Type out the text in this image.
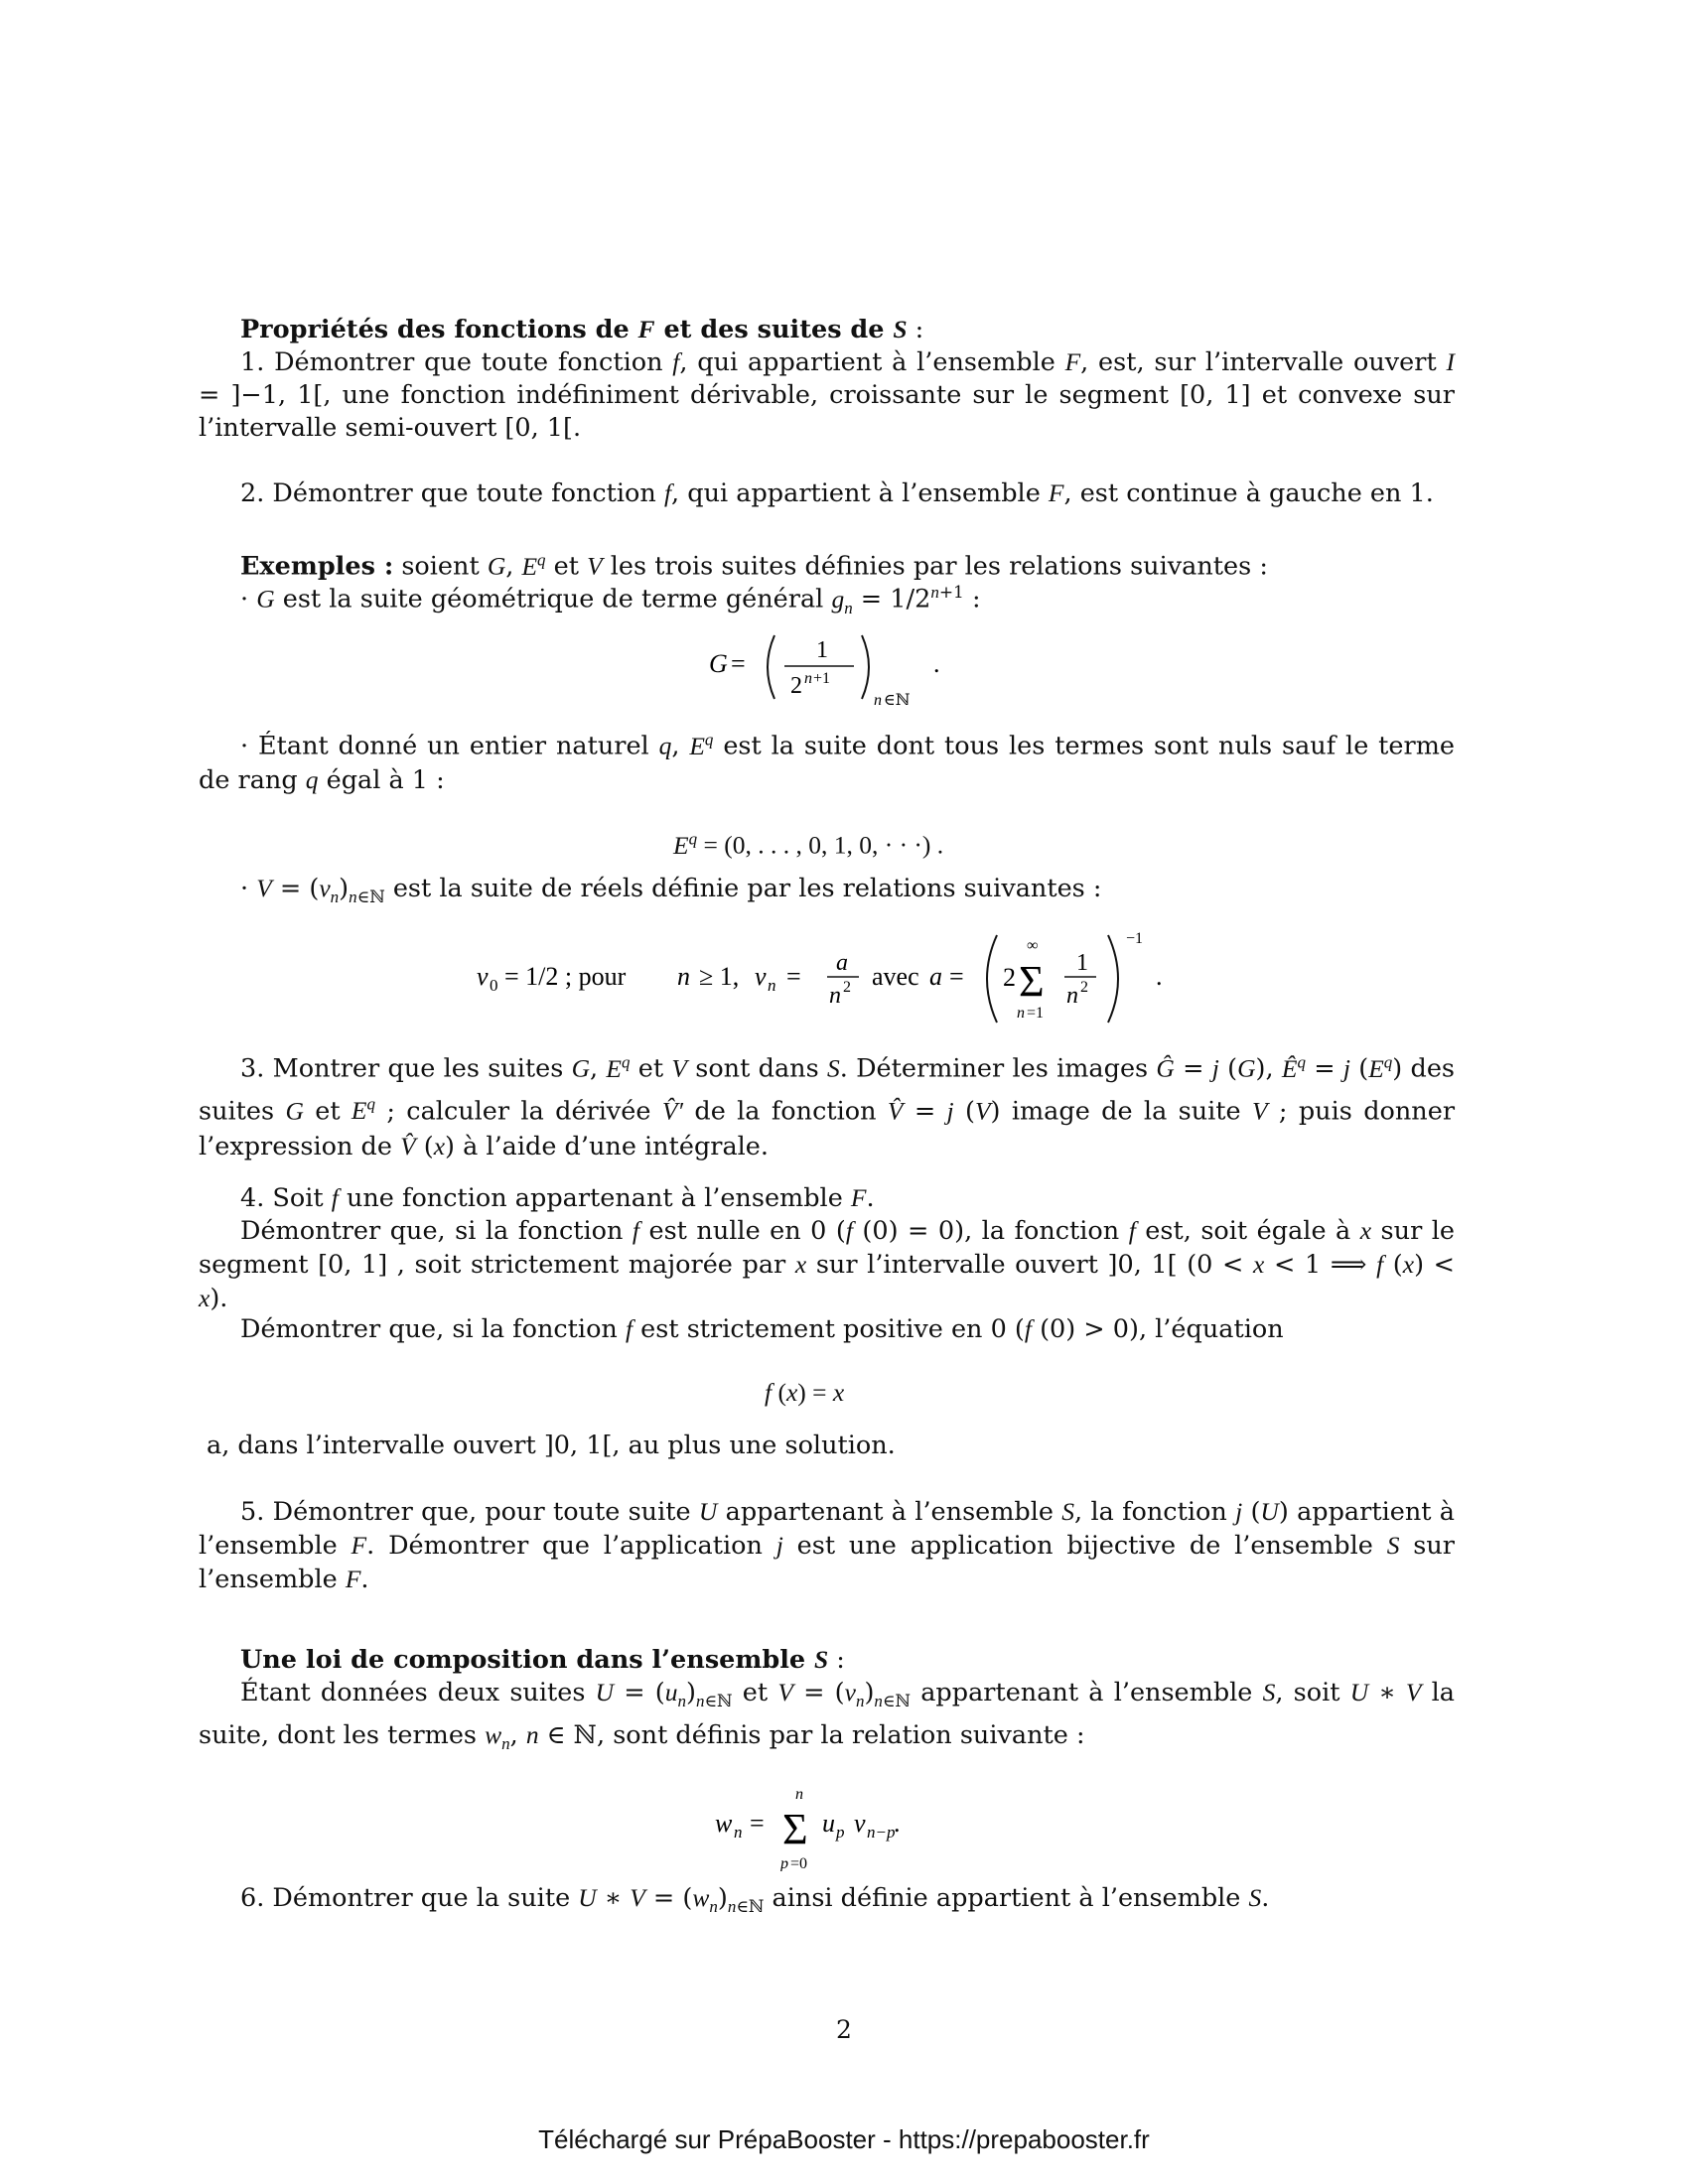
Propriétés des fonctions de F et des suites de S :
1. Démontrer que toute fonction f, qui appartient à l’ensemble F, est, sur l’intervalle ouvert I = ]−1, 1[, une fonction indéfiniment dérivable, croissante sur le segment [0, 1] et convexe sur l’intervalle semi-ouvert [0, 1[.
2. Démontrer que toute fonction f, qui appartient à l’ensemble F, est continue à gauche en 1.
Exemples : soient G, $E^q$ et V les trois suites définies par les relations suivantes :
· G est la suite géométrique de terme général $g_n = 1/2^{n+1}$ :
G =	1
2 n +1
n ∈ℕ
.
· Étant donné un entier naturel q, $E^q$ est la suite dont tous les termes sont nuls sauf le terme de rang q égal à 1 :
$E^q = (0$, . . . , 0, 1, 0, · · ·) .
· $V = (v_n)_{n\in ℕ}$ est la suite de réels définie par les relations suivantes :
v 0 = 1/2 ; pour n ≥ 1, v n = a
n 2 avec a = 2 Σ
∞
n =1
1
n 2
−1
.
3. Montrer que les suites G, $E^q$ et V sont dans S. Déterminer les images Ĝ = j (G), $Ê^q = j$ $(E^q)$ des suites G et $E^q$ ; calculer la dérivée V̂′ de la fonction V̂ = j (V) image de la suite V ; puis donner l’expression de V̂ (x) à l’aide d’une intégrale.
4. Soit f une fonction appartenant à l’ensemble F.
Démontrer que, si la fonction f est nulle en 0 (f (0) = 0), la fonction f est, soit égale à x sur le segment [0, 1] , soit strictement majorée par x sur l’intervalle ouvert ]0, 1[ (0 < x < 1 ⟹ f (x) < x).
Démontrer que, si la fonction f est strictement positive en 0 (f (0) > 0), l’équation
f (x) = x
a, dans l’intervalle ouvert ]0, 1[, au plus une solution.
5. Démontrer que, pour toute suite U appartenant à l’ensemble S, la fonction j (U) appartient à l’ensemble F. Démontrer que l’application j est une application bijective de l’ensemble S sur l’ensemble F.
Une loi de composition dans l’ensemble S :
Étant données deux suites $U = (u_n)_{n\in ℕ}$ et $V = (v_n)_{n\in ℕ}$ appartenant à l’ensemble S, soit U ∗ V la suite, dont les termes $w_n$, n ∈ ℕ, sont définis par la relation suivante :
w n = Σ
n
p =0
u p v n−p
.
6. Démontrer que la suite U ∗ $V = (w_n)_{n\in ℕ}$ ainsi définie appartient à l’ensemble S.
2
Téléchargé sur PrépaBooster - https://prepabooster.fr
